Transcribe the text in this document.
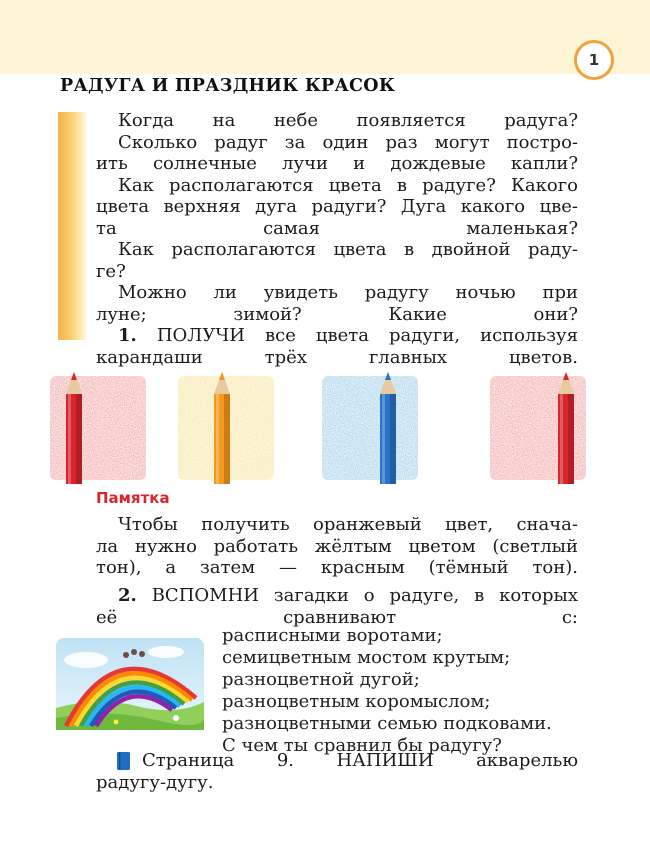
1
РАДУГА И ПРАЗДНИК КРАСОК
Когда на небе появляется радуга?
Сколько радуг за один раз могут постро-
ить солнечные лучи и дождевые капли?
Как располагаются цвета в радуге? Какого
цвета верхняя дуга радуги? Дуга какого цве-
та самая маленькая?
Как располагаются цвета в двойной раду-
ге?
Можно ли увидеть радугу ночью при
луне; зимой? Какие они?
1. ПОЛУЧИ все цвета радуги, используя
карандаши трёх главных цветов.
Памятка
Чтобы получить оранжевый цвет, снача-
ла нужно работать жёлтым цветом (светлый
тон), а затем — красным (тёмный тон).
2. ВСПОМНИ загадки о радуге, в которых
её сравнивают с:
расписными воротами;
семицветным мостом крутым;
разноцветной дугой;
разноцветным коромыслом;
разноцветными семью подковами.
С чем ты сравнил бы радугу?
Страница 9. НАПИШИ акварелью
радугу-дугу.
